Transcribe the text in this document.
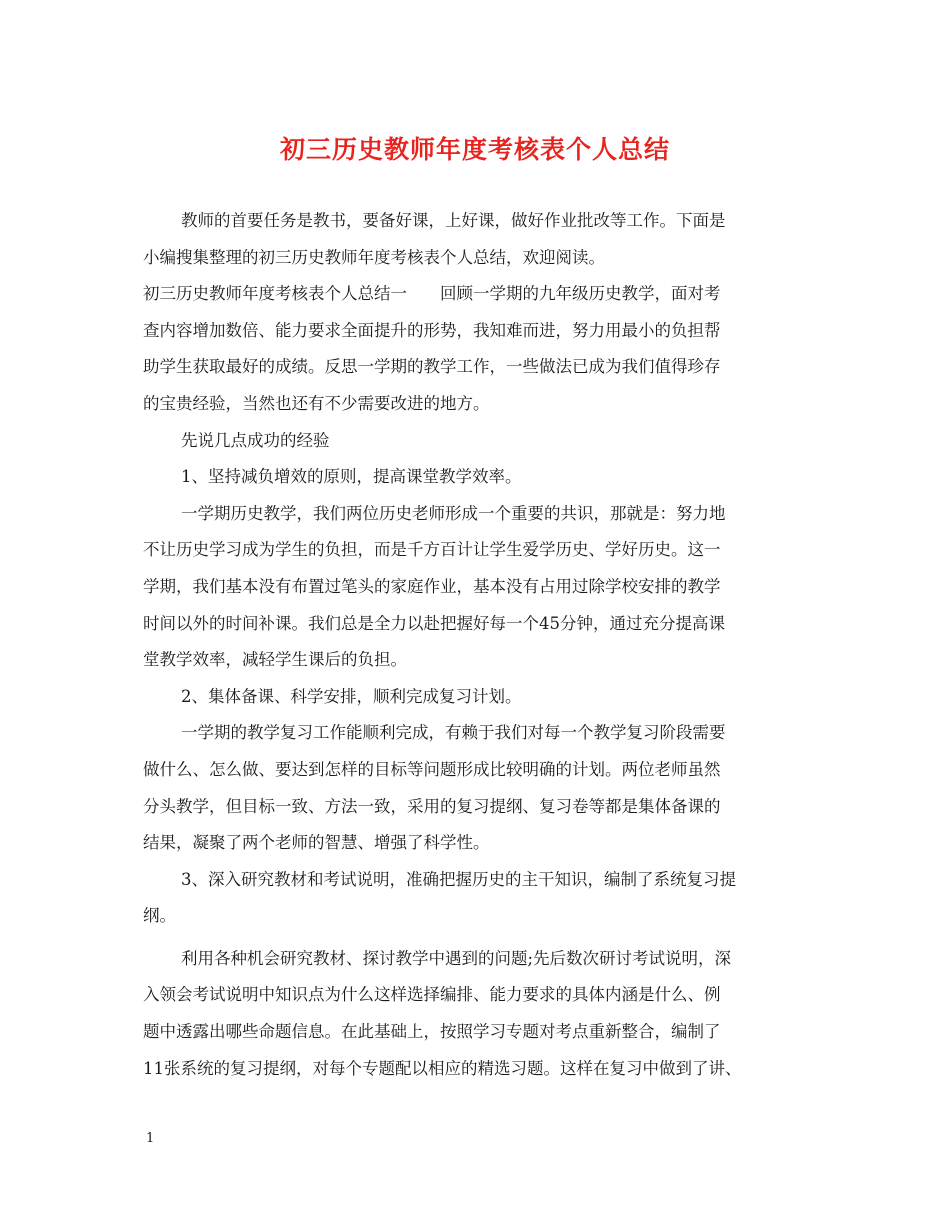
初三历史教师年度考核表个人总结
教师的首要任务是教书，要备好课，上好课，做好作业批改等工作。下面是
小编搜集整理的初三历史教师年度考核表个人总结，欢迎阅读。
初三历史教师年度考核表个人总结一　　回顾一学期的九年级历史教学，面对考
查内容增加数倍、能力要求全面提升的形势，我知难而进，努力用最小的负担帮
助学生获取最好的成绩。反思一学期的教学工作，一些做法已成为我们值得珍存
的宝贵经验，当然也还有不少需要改进的地方。
先说几点成功的经验
1、坚持减负增效的原则，提高课堂教学效率。
一学期历史教学，我们两位历史老师形成一个重要的共识，那就是：努力地
不让历史学习成为学生的负担，而是千方百计让学生爱学历史、学好历史。这一
学期，我们基本没有布置过笔头的家庭作业，基本没有占用过除学校安排的教学
时间以外的时间补课。我们总是全力以赴把握好每一个45分钟，通过充分提高课
堂教学效率，减轻学生课后的负担。
2、集体备课、科学安排，顺利完成复习计划。
一学期的教学复习工作能顺利完成，有赖于我们对每一个教学复习阶段需要
做什么、怎么做、要达到怎样的目标等问题形成比较明确的计划。两位老师虽然
分头教学，但目标一致、方法一致，采用的复习提纲、复习卷等都是集体备课的
结果，凝聚了两个老师的智慧、增强了科学性。
3、深入研究教材和考试说明，准确把握历史的主干知识，编制了系统复习提
纲。
利用各种机会研究教材、探讨教学中遇到的问题;先后数次研讨考试说明，深
入领会考试说明中知识点为什么这样选择编排、能力要求的具体内涵是什么、例
题中透露出哪些命题信息。在此基础上，按照学习专题对考点重新整合，编制了
11张系统的复习提纲，对每个专题配以相应的精选习题。这样在复习中做到了讲、
1
